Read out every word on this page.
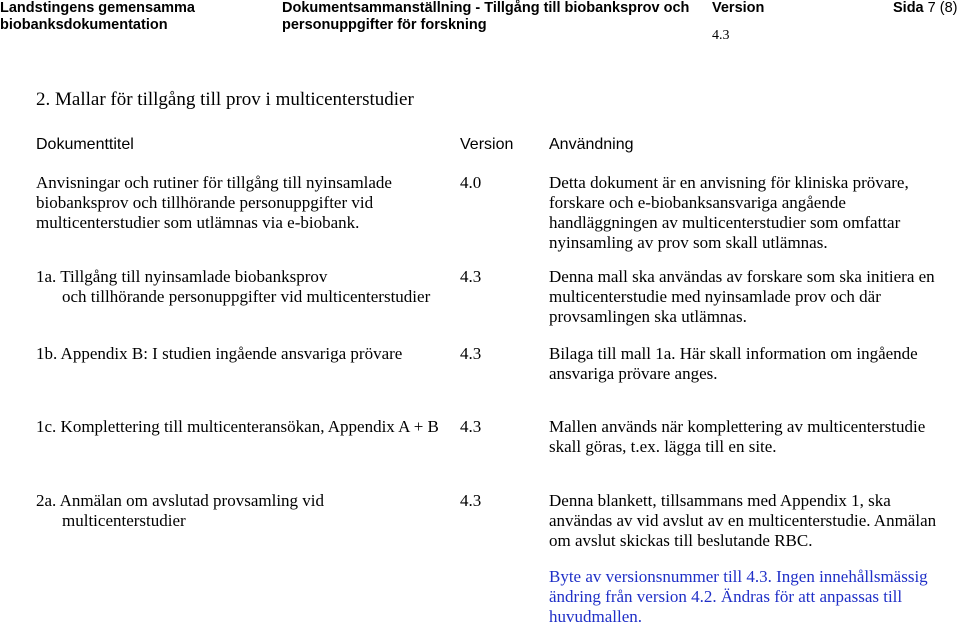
Landstingens gemensamma
biobanksdokumentation
Dokumentsammanställning - Tillgång till biobanksprov och
personuppgifter för forskning
Version
4.3
Sida 7 (8)
2. Mallar för tillgång till prov i multicenterstudier
Dokumenttitel	Version Användning
Anvisningar och rutiner för tillgång till nyinsamlade
biobanksprov och tillhörande personuppgifter vid
multicenterstudier som utlämnas via e-biobank.
4.0	Detta dokument är en anvisning för kliniska prövare,
forskare och e-biobanksansvariga angående
handläggningen av multicenterstudier som omfattar
nyinsamling av prov som skall utlämnas.
1a. Tillgång till nyinsamlade biobanksprov
och tillhörande personuppgifter vid multicenterstudier
4.3	Denna mall ska användas av forskare som ska initiera en
multicenterstudie med nyinsamlade prov och där
provsamlingen ska utlämnas.
1b. Appendix B: I studien ingående ansvariga prövare	4.3	Bilaga till mall 1a. Här skall information om ingående
ansvariga prövare anges.
1c. Komplettering till multicenteransökan, Appendix A + B	4.3	Mallen används när komplettering av multicenterstudie
skall göras, t.ex. lägga till en site.
2a. Anmälan om avslutad provsamling vid
multicenterstudier
4.3	Denna blankett, tillsammans med Appendix 1, ska
användas av vid avslut av en multicenterstudie. Anmälan
om avslut skickas till beslutande RBC.
Byte av versionsnummer till 4.3. Ingen innehållsmässig
ändring från version 4.2. Ändras för att anpassas till
huvudmallen.
